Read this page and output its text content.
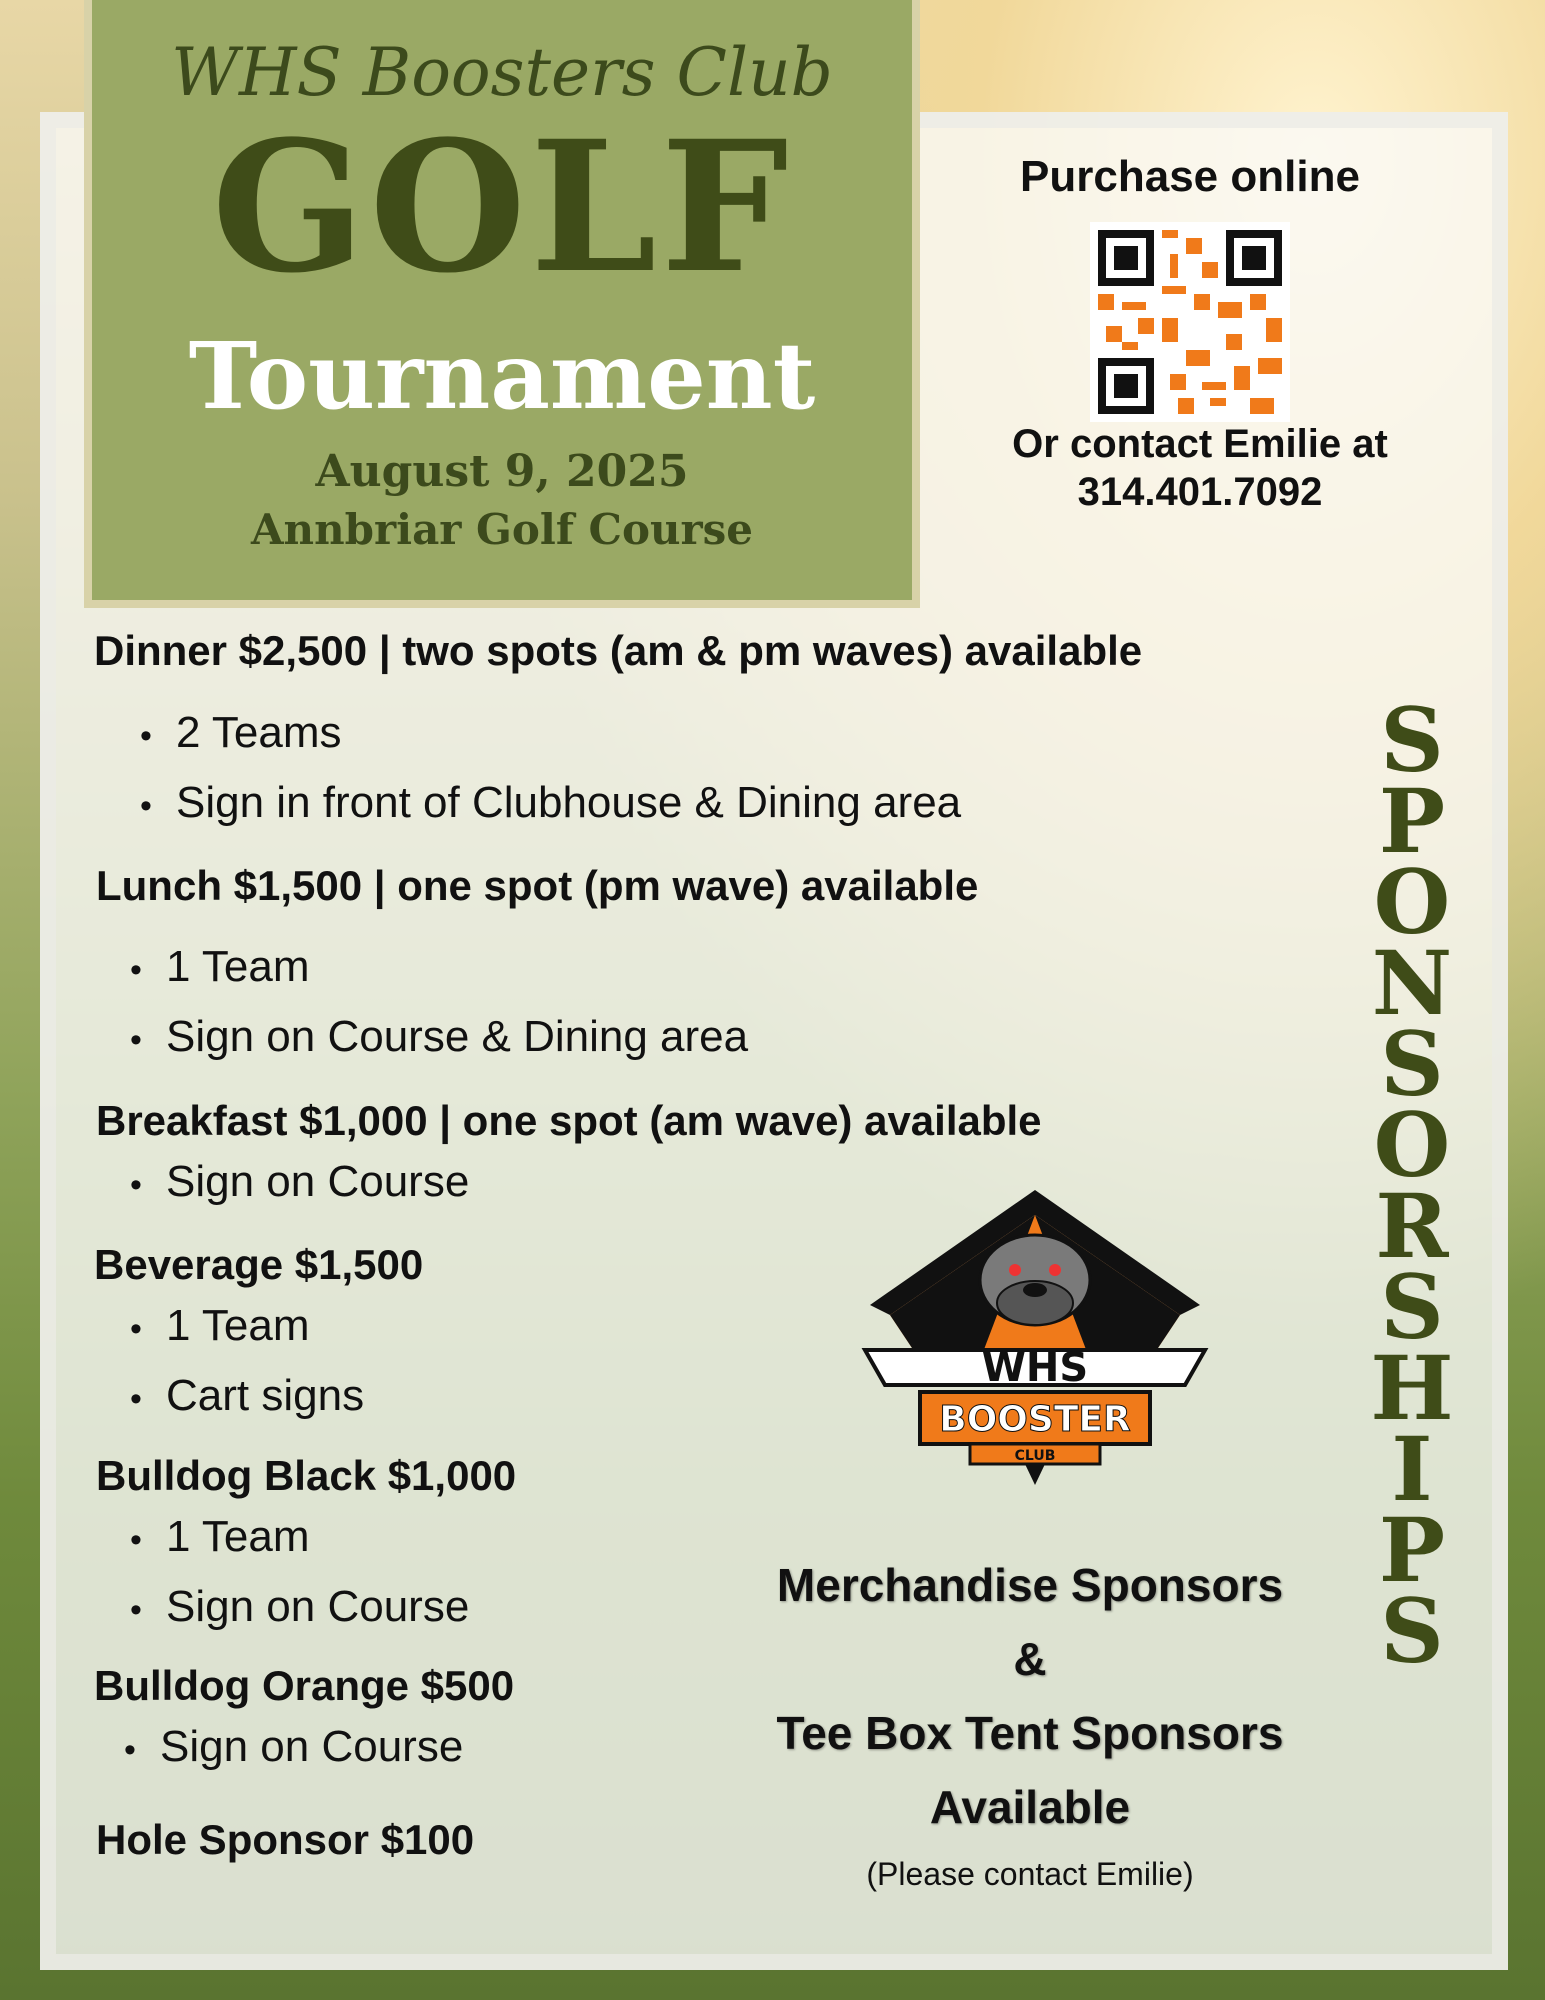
WHS Boosters Club
GOLF
Tournament
August 9, 2025
Annbriar Golf Course
Purchase online
Or contact Emilie at
314.401.7092
Dinner $2,500 | two spots (am & pm waves) available
• 2 Teams
• Sign in front of Clubhouse & Dining area
Lunch $1,500 | one spot (pm wave) available
• 1 Team
• Sign on Course & Dining area
Breakfast $1,000 | one spot (am wave) available
• Sign on Course
Beverage $1,500
• 1 Team
• Cart signs
Bulldog Black $1,000
• 1 Team
• Sign on Course
Bulldog Orange $500
• Sign on Course
Hole Sponsor $100
S
P
O
N
S
O
R
S
H
I
P
S
WHS
BOOSTER
CLUB
Merchandise Sponsors
&
Tee Box Tent Sponsors
Available
(Please contact Emilie)
